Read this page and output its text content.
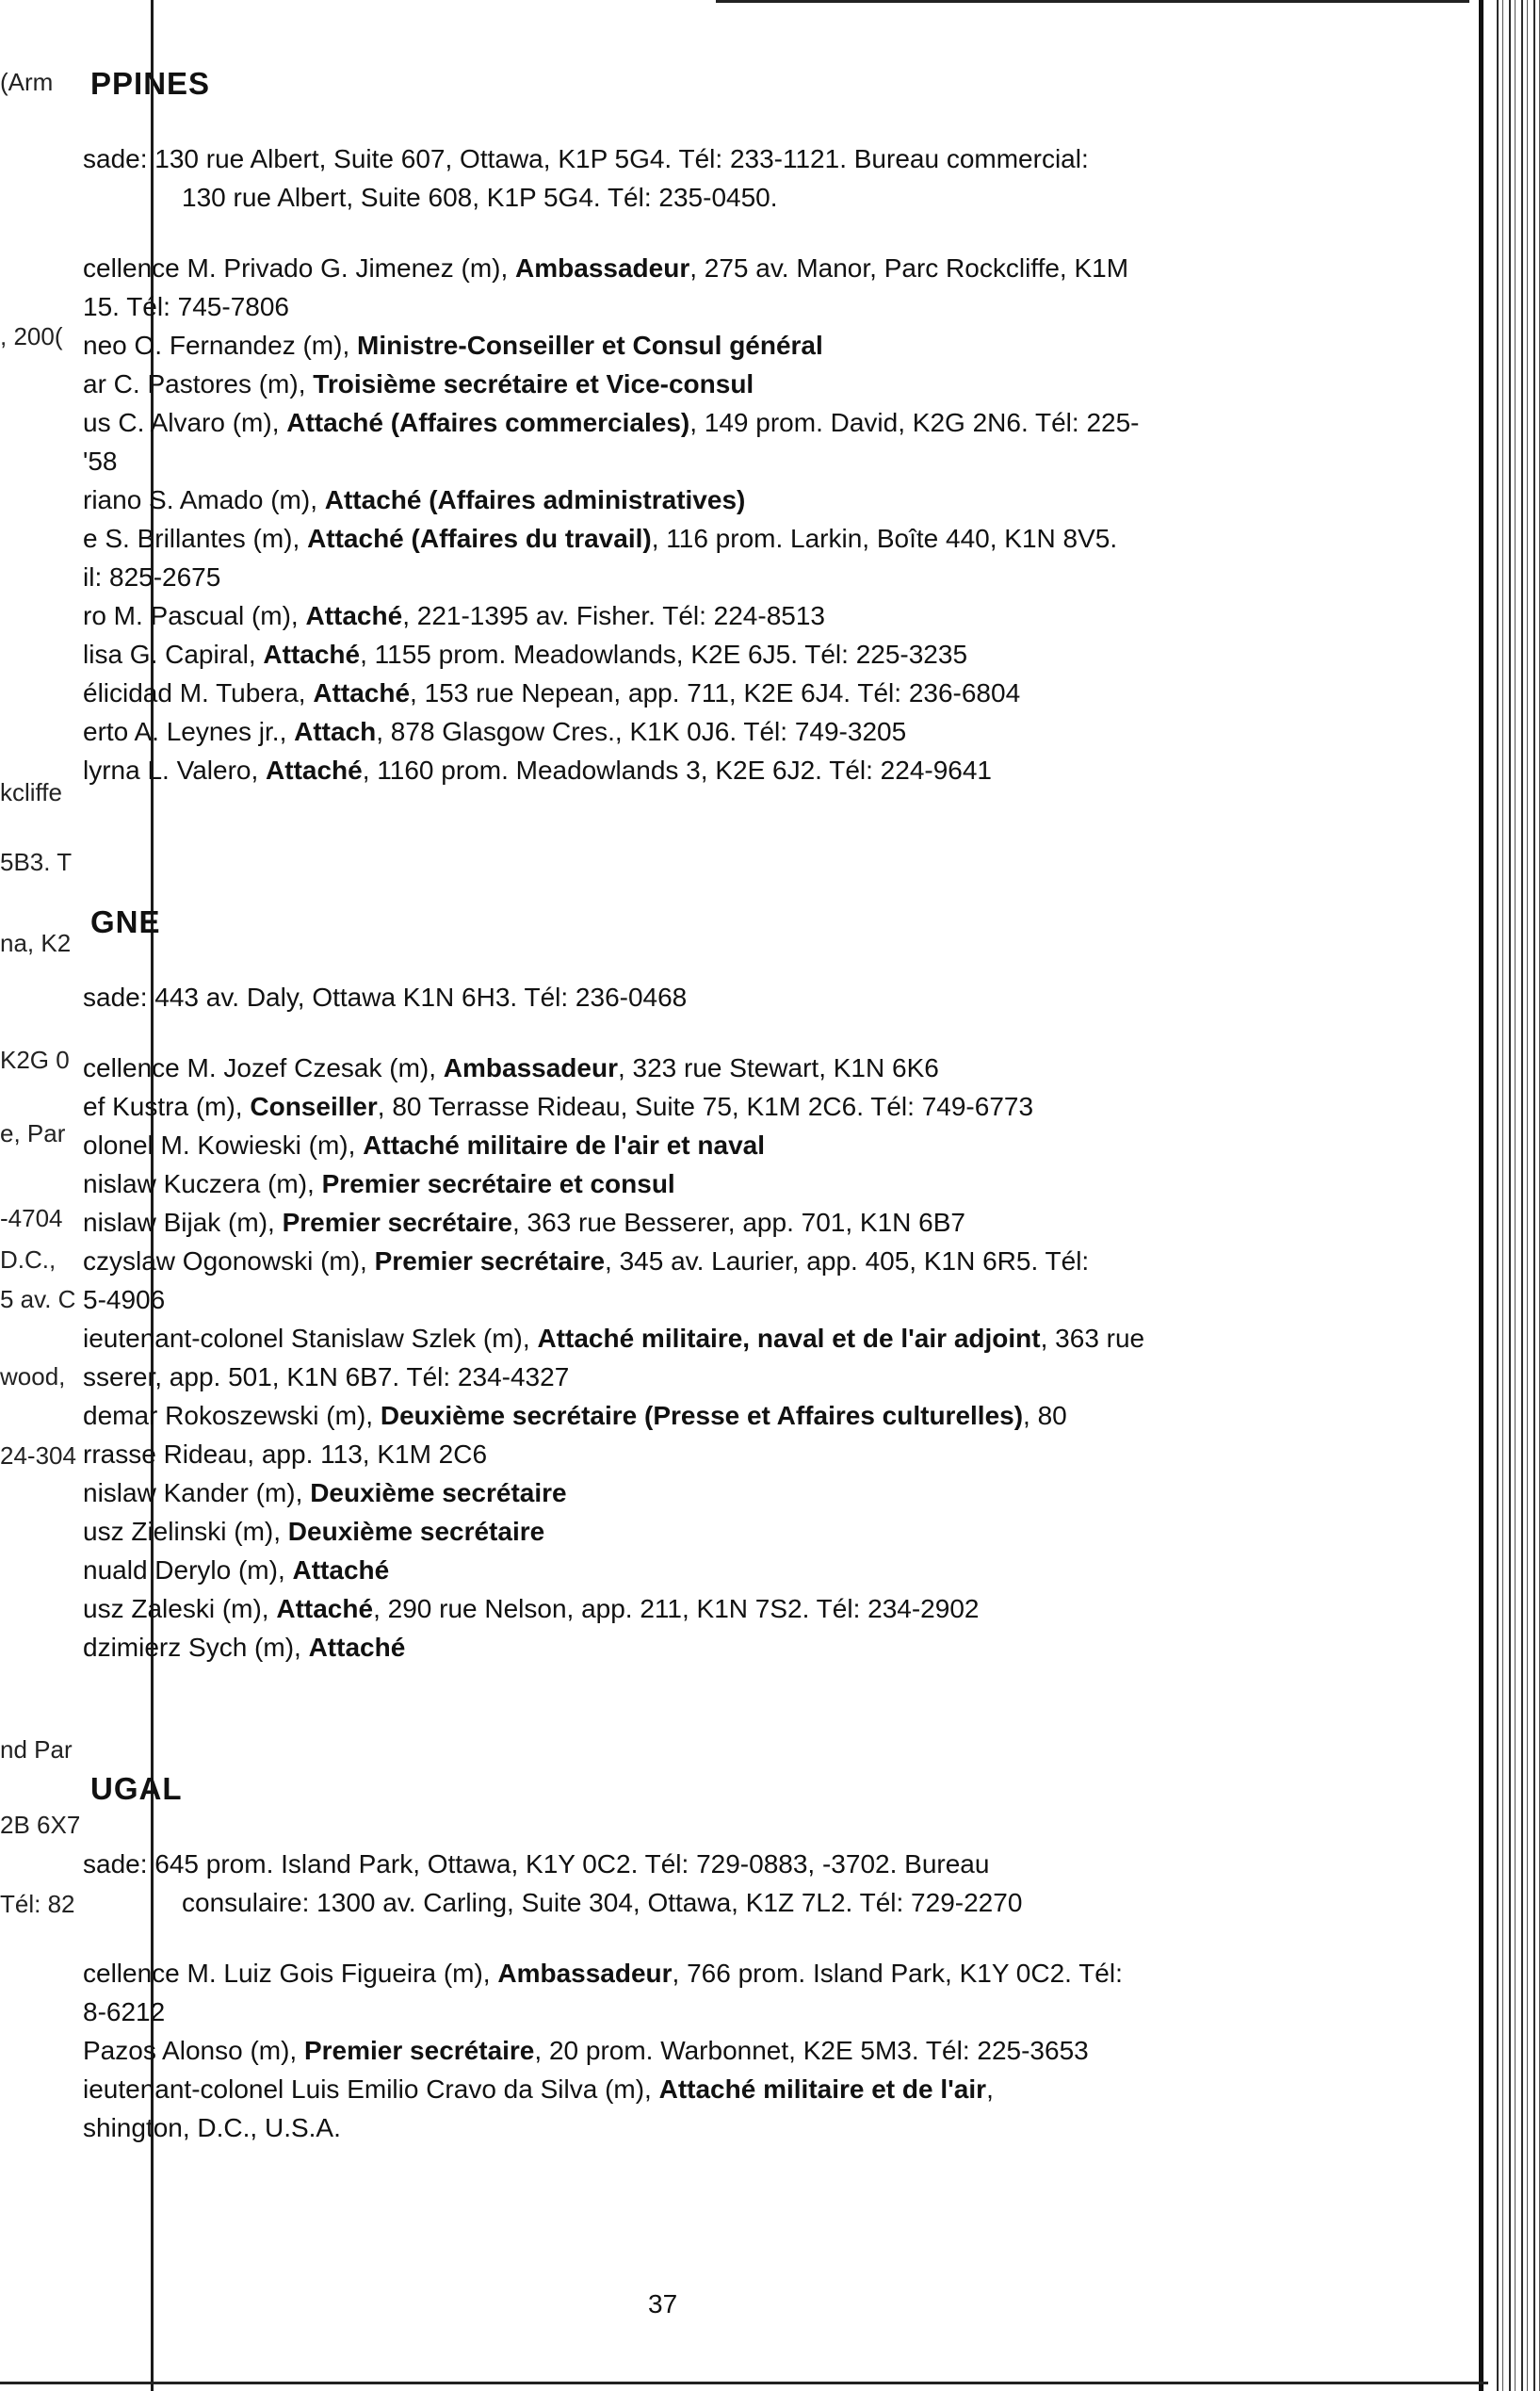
(Arm
, 200(
kcliffe
5B3. T
na, K2
K2G 0
e, Par
-4704
D.C.,
5 av. C
wood,
24-304
nd Par
2B 6X7
Tél: 82
PPINES
sade: 130 rue Albert, Suite 607, Ottawa, K1P 5G4. Tél: 233-1121. Bureau commercial:
130 rue Albert, Suite 608, K1P 5G4. Tél: 235-0450.
cellence M. Privado G. Jimenez (m), Ambassadeur, 275 av. Manor, Parc Rockcliffe, K1M
15. Tél: 745-7806
neo O. Fernandez (m), Ministre-Conseiller et Consul général
ar C. Pastores (m), Troisième secrétaire et Vice-consul
us C. Alvaro (m), Attaché (Affaires commerciales), 149 prom. David, K2G 2N6. Tél: 225-
'58
riano S. Amado (m), Attaché (Affaires administratives)
e S. Brillantes (m), Attaché (Affaires du travail), 116 prom. Larkin, Boîte 440, K1N 8V5.
il: 825-2675
ro M. Pascual (m), Attaché, 221-1395 av. Fisher. Tél: 224-8513
lisa G. Capiral, Attaché, 1155 prom. Meadowlands, K2E 6J5. Tél: 225-3235
élicidad M. Tubera, Attaché, 153 rue Nepean, app. 711, K2E 6J4. Tél: 236-6804
erto A. Leynes jr., Attach, 878 Glasgow Cres., K1K 0J6. Tél: 749-3205
lyrna L. Valero, Attaché, 1160 prom. Meadowlands 3, K2E 6J2. Tél: 224-9641
GNE
sade: 443 av. Daly, Ottawa K1N 6H3. Tél: 236-0468
cellence M. Jozef Czesak (m), Ambassadeur, 323 rue Stewart, K1N 6K6
ef Kustra (m), Conseiller, 80 Terrasse Rideau, Suite 75, K1M 2C6. Tél: 749-6773
olonel M. Kowieski (m), Attaché militaire de l'air et naval
nislaw Kuczera (m), Premier secrétaire et consul
nislaw Bijak (m), Premier secrétaire, 363 rue Besserer, app. 701, K1N 6B7
czyslaw Ogonowski (m), Premier secrétaire, 345 av. Laurier, app. 405, K1N 6R5. Tél:
5-4906
ieutenant-colonel Stanislaw Szlek (m), Attaché militaire, naval et de l'air adjoint, 363 rue
sserer, app. 501, K1N 6B7. Tél: 234-4327
demar Rokoszewski (m), Deuxième secrétaire (Presse et Affaires culturelles), 80
rrasse Rideau, app. 113, K1M 2C6
nislaw Kander (m), Deuxième secrétaire
usz Zielinski (m), Deuxième secrétaire
nuald Derylo (m), Attaché
usz Zaleski (m), Attaché, 290 rue Nelson, app. 211, K1N 7S2. Tél: 234-2902
dzimierz Sych (m), Attaché
UGAL
sade: 645 prom. Island Park, Ottawa, K1Y 0C2. Tél: 729-0883, -3702. Bureau
consulaire: 1300 av. Carling, Suite 304, Ottawa, K1Z 7L2. Tél: 729-2270
cellence M. Luiz Gois Figueira (m), Ambassadeur, 766 prom. Island Park, K1Y 0C2. Tél:
8-6212
Pazos Alonso (m), Premier secrétaire, 20 prom. Warbonnet, K2E 5M3. Tél: 225-3653
ieutenant-colonel Luis Emilio Cravo da Silva (m), Attaché militaire et de l'air,
shington, D.C., U.S.A.
37
